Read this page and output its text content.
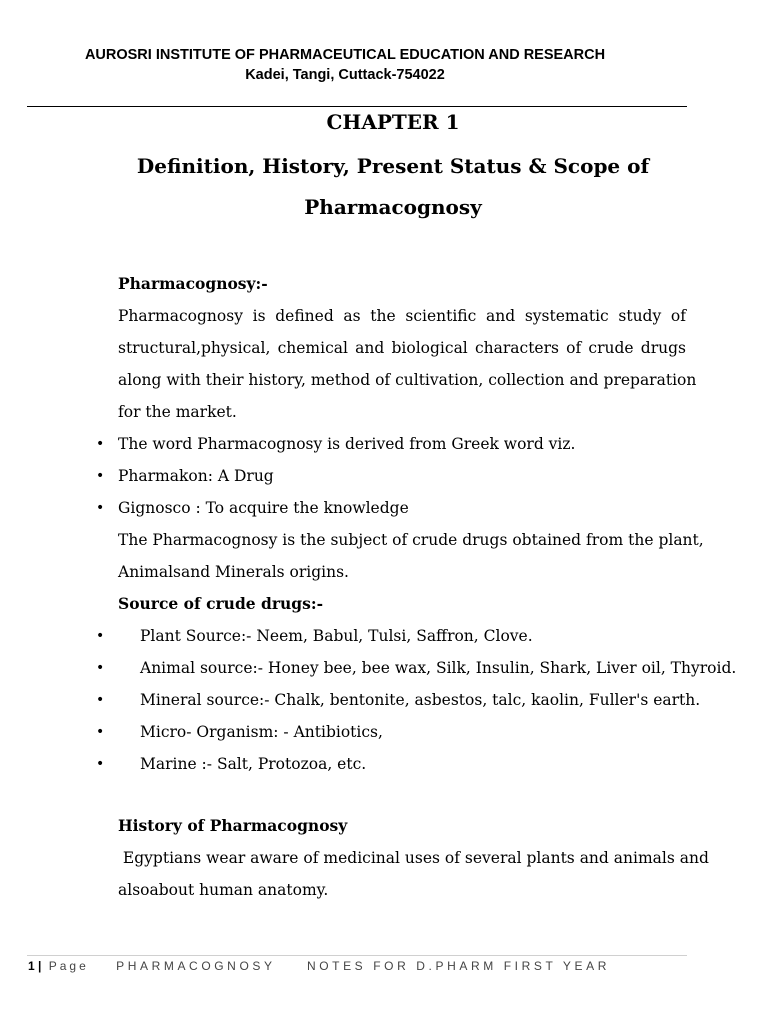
AUROSRI INSTITUTE OF PHARMACEUTICAL EDUCATION AND RESEARCH
Kadei, Tangi, Cuttack-754022
CHAPTER 1
Definition, History, Present Status & Scope of
Pharmacognosy
Pharmacognosy:-
Pharmacognosy is defined as the scientific and systematic study of
structural,physical, chemical and biological characters of crude drugs
along with their history, method of cultivation, collection and preparation
for the market.
• The word Pharmacognosy is derived from Greek word viz.
• Pharmakon: A Drug
• Gignosco : To acquire the knowledge
The Pharmacognosy is the subject of crude drugs obtained from the plant,
Animalsand Minerals origins.
Source of crude drugs:-
• Plant Source:- Neem, Babul, Tulsi, Saffron, Clove.
• Animal source:- Honey bee, bee wax, Silk, Insulin, Shark, Liver oil, Thyroid.
• Mineral source:- Chalk, bentonite, asbestos, talc, kaolin, Fuller's earth.
• Micro- Organism: - Antibiotics,
• Marine :- Salt, Protozoa, etc.
History of Pharmacognosy
Egyptians wear aware of medicinal uses of several plants and animals and
alsoabout human anatomy.
1 | Page PHARMACOGNOSY	NOTES FOR D.PHARM FIRST YEAR
